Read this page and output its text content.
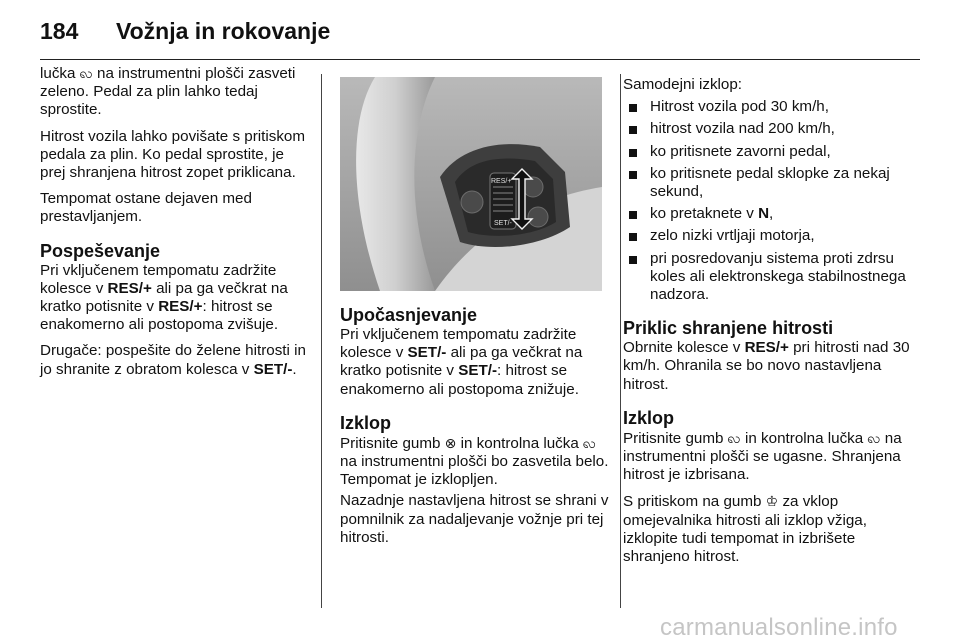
184 Vožnja in rokovanje

lučka ꩮ na instrumentni plošči zasveti zeleno. Pedal za plin lahko tedaj sprostite.

Hitrost vozila lahko povišate s pritiskom pedala za plin. Ko pedal sprostite, je prej shranjena hitrost zopet priklicana.

Tempomat ostane dejaven med prestavljanjem.

Pospeševanje

Pri vključenem tempomatu zadržite kolesce v RES/+ ali pa ga večkrat na kratko potisnite v RES/+: hitrost se enakomerno ali postopoma zvišuje.

Drugače: pospešite do želene hitrosti in jo shranite z obratom kolesca v SET/-.

RES/+
SET/-
Upočasnjevanje

Pri vključenem tempomatu zadržite kolesce v SET/- ali pa ga večkrat na kratko potisnite v SET/-: hitrost se enakomerno ali postopoma znižuje.

Izklop

Pritisnite gumb ⊗ in kontrolna lučka ꩮ na instrumentni plošči bo zasvetila belo. Tempomat je izklopljen.

Nazadnje nastavljena hitrost se shrani v pomnilnik za nadaljevanje vožnje pri tej hitrosti.

Samodejni izklop:

Hitrost vozila pod 30 km/h,
hitrost vozila nad 200 km/h,
ko pritisnete zavorni pedal,
ko pritisnete pedal sklopke za nekaj sekund,
ko pretaknete v N,
zelo nizki vrtljaji motorja,
pri posredovanju sistema proti zdrsu koles ali elektronskega stabilnostnega nadzora.
Priklic shranjene hitrosti

Obrnite kolesce v RES/+ pri hitrosti nad 30 km/h. Ohranila se bo novo nastavljena hitrost.

Izklop

Pritisnite gumb ꩮ in kontrolna lučka ꩮ na instrumentni plošči se ugasne. Shranjena hitrost je izbrisana.

S pritiskom na gumb ♔ za vklop omejevalnika hitrosti ali izklop vžiga, izklopite tudi tempomat in izbrišete shranjeno hitrost.

carmanualsonline.info
